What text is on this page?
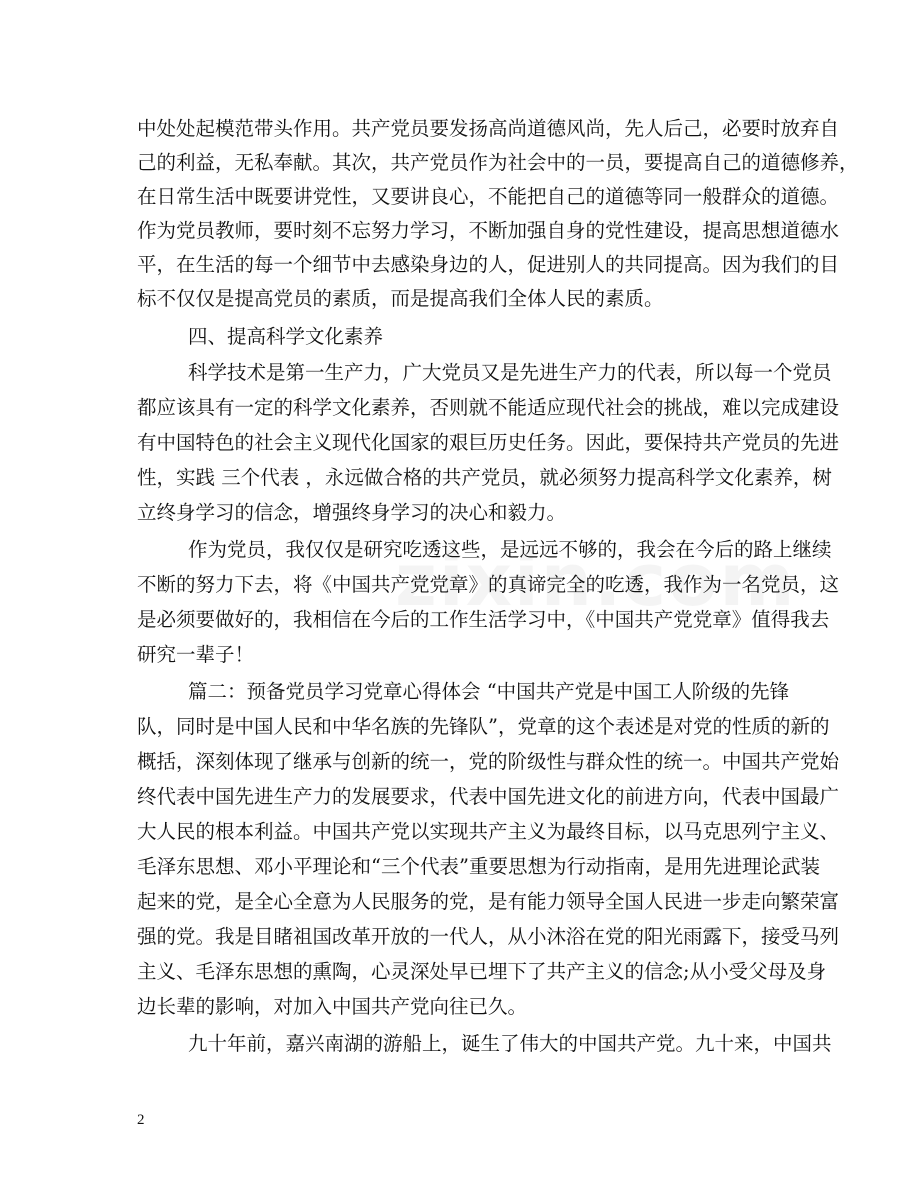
中处处起模范带头作用。共产党员要发扬高尚道德风尚，先人后己，必要时放弃自
己的利益，无私奉献。其次，共产党员作为社会中的一员，要提高自己的道德修养，
在日常生活中既要讲党性，又要讲良心，不能把自己的道德等同一般群众的道德。
作为党员教师，要时刻不忘努力学习，不断加强自身的党性建设，提高思想道德水
平，在生活的每一个细节中去感染身边的人，促进别人的共同提高。因为我们的目
标不仅仅是提高党员的素质，而是提高我们全体人民的素质。
四、提高科学文化素养
科学技术是第一生产力，广大党员又是先进生产力的代表，所以每一个党员
都应该具有一定的科学文化素养，否则就不能适应现代社会的挑战，难以完成建设
有中国特色的社会主义现代化国家的艰巨历史任务。因此，要保持共产党员的先进
性，实践 三个代表 ，永远做合格的共产党员，就必须努力提高科学文化素养，树
立终身学习的信念，增强终身学习的决心和毅力。
作为党员，我仅仅是研究吃透这些，是远远不够的，我会在今后的路上继续
不断的努力下去，将《中国共产党党章》的真谛完全的吃透，我作为一名党员，这
是必须要做好的，我相信在今后的工作生活学习中，《中国共产党党章》值得我去
研究一辈子！
篇二：预备党员学习党章心得体会 “中国共产党是中国工人阶级的先锋
队，同时是中国人民和中华名族的先锋队”，党章的这个表述是对党的性质的新的
概括，深刻体现了继承与创新的统一，党的阶级性与群众性的统一。中国共产党始
终代表中国先进生产力的发展要求，代表中国先进文化的前进方向，代表中国最广
大人民的根本利益。中国共产党以实现共产主义为最终目标，以马克思列宁主义、
毛泽东思想、邓小平理论和“三个代表”重要思想为行动指南，是用先进理论武装
起来的党，是全心全意为人民服务的党，是有能力领导全国人民进一步走向繁荣富
强的党。我是目睹祖国改革开放的一代人，从小沐浴在党的阳光雨露下，接受马列
主义、毛泽东思想的熏陶，心灵深处早已埋下了共产主义的信念;从小受父母及身
边长辈的影响，对加入中国共产党向往已久。
九十年前，嘉兴南湖的游船上，诞生了伟大的中国共产党。九十来，中国共
2
